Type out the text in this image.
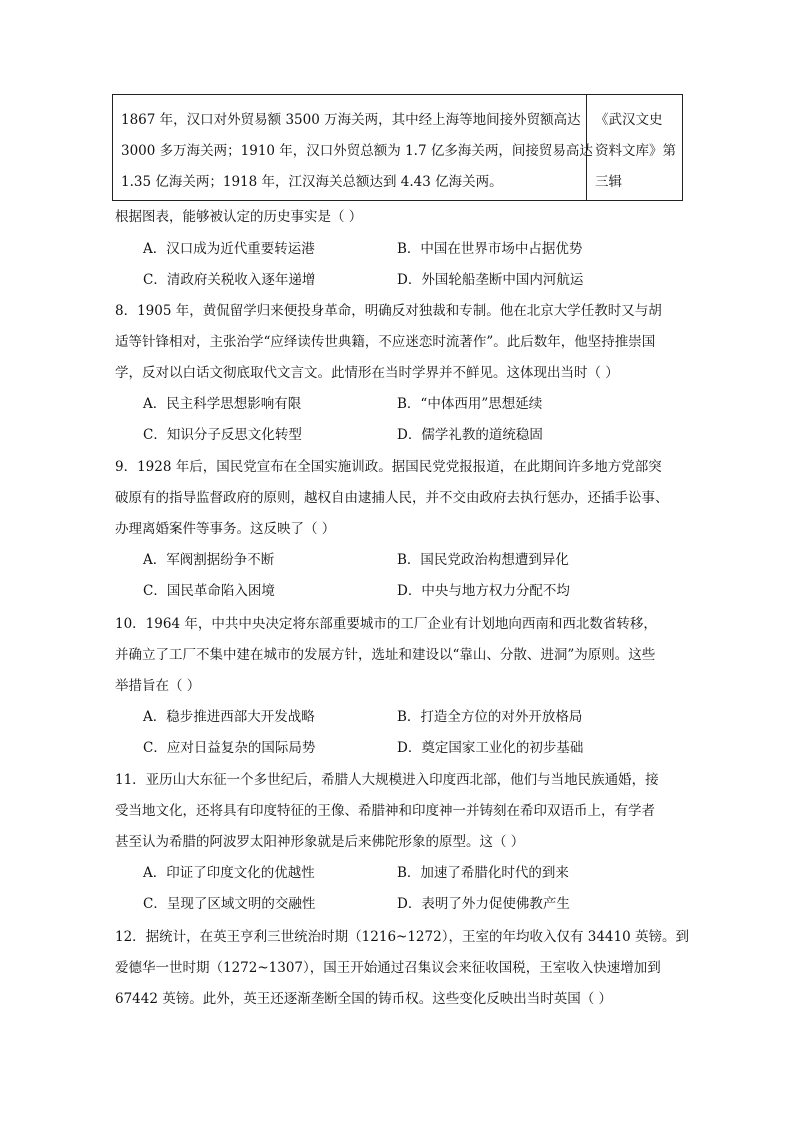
1867 年，汉口对外贸易额 3500 万海关两，其中经上海等地间接外贸额高达
3000 多万海关两；1910 年，汉口外贸总额为 1.7 亿多海关两，间接贸易高达
1.35 亿海关两；1918 年，江汉海关总额达到 4.43 亿海关两。
《武汉文史
资料文库》第
三辑
根据图表，能够被认定的历史事实是（ ）
A．汉口成为近代重要转运港	B．中国在世界市场中占据优势
C．清政府关税收入逐年递增	D．外国轮船垄断中国内河航运
8．1905 年，黄侃留学归来便投身革命，明确反对独裁和专制。他在北京大学任教时又与胡
适等针锋相对，主张治学“应绎读传世典籍，不应迷恋时流著作”。此后数年，他坚持推崇国
学，反对以白话文彻底取代文言文。此情形在当时学界并不鲜见。这体现出当时（ ）
A．民主科学思想影响有限	B．“中体西用”思想延续
C．知识分子反思文化转型	D．儒学礼教的道统稳固
9．1928 年后，国民党宣布在全国实施训政。据国民党党报报道，在此期间许多地方党部突
破原有的指导监督政府的原则，越权自由逮捕人民，并不交由政府去执行惩办，还插手讼事、
办理离婚案件等事务。这反映了（ ）
A．军阀割据纷争不断	B．国民党政治构想遭到异化
C．国民革命陷入困境	D．中央与地方权力分配不均
10．1964 年，中共中央决定将东部重要城市的工厂企业有计划地向西南和西北数省转移，
并确立了工厂不集中建在城市的发展方针，选址和建设以“靠山、分散、进洞”为原则。这些
举措旨在（ ）
A．稳步推进西部大开发战略	B．打造全方位的对外开放格局
C．应对日益复杂的国际局势	D．奠定国家工业化的初步基础
11．亚历山大东征一个多世纪后，希腊人大规模进入印度西北部，他们与当地民族通婚，接
受当地文化，还将具有印度特征的王像、希腊神和印度神一并铸刻在希印双语币上，有学者
甚至认为希腊的阿波罗太阳神形象就是后来佛陀形象的原型。这（ ）
A．印证了印度文化的优越性	B．加速了希腊化时代的到来
C．呈现了区域文明的交融性	D．表明了外力促使佛教产生
12．据统计，在英王亨利三世统治时期（1216~1272），王室的年均收入仅有 34410 英镑。到
爱德华一世时期（1272~1307），国王开始通过召集议会来征收国税，王室收入快速增加到
67442 英镑。此外，英王还逐渐垄断全国的铸币权。这些变化反映出当时英国（ ）
